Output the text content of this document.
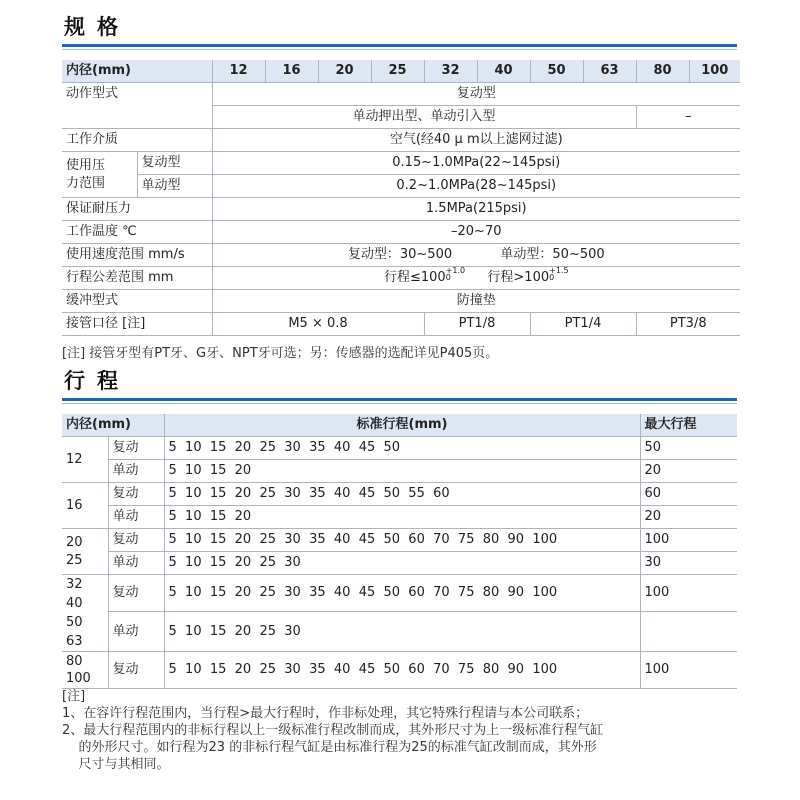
规格
内径(mm)		12	16	20	25	32	40	50	63	80	100
动作型式		复动型									
		单动押出型、单动引入型								–	
工作介质		空气(经40 μ m以上滤网过滤)									
使用压
力范围	复动型	0.15~1.0MPa(22~145psi)									
	单动型	0.2~1.0MPa(28~145psi)									
保证耐压力		1.5MPa(215psi)									
工作温度 ℃		–20~70									
使用速度范围 mm/s		复动型：30~500 单动型：50~500									
行程公差范围 mm		行程$\le 100^{+1.0 0}$ 行程$>100^{+1.5 0}$
缓冲型式		防撞垫									
接管口径 [注]		M5 × 0.8				PT1/8		PT1/4		PT3/8	
[注] 接管牙型有PT牙、G牙、NPT牙可选；另：传感器的选配详见P405页。
行程
内径(mm)		标准行程(mm)	最大行程
12	复动	5  10  15  20  25  30  35  40  45  50	50
	单动	5  10  15  20	20
16	复动	5  10  15  20  25  30  35  40  45  50  55  60	60
	单动	5  10  15  20	20
20
25	复动	5  10  15  20  25  30  35  40  45  50  60  70  75  80  90  100	100
	单动	5  10  15  20  25  30	30
32
40
50
63	复动	5  10  15  20  25  30  35  40  45  50  60  70  75  80  90  100	100
	单动	5  10  15  20  25  30	
80
100	复动	5  10  15  20  25  30  35  40  45  50  60  70  75  80  90  100	100
[注]
1、在容许行程范围内，当行程>最大行程时，作非标处理，其它特殊行程请与本公司联系；
2、最大行程范围内的非标行程以上一级标准行程改制而成，其外形尺寸为上一级标准行程气缸
的外形尺寸。如行程为23 的非标行程气缸是由标准行程为25的标准气缸改制而成，其外形
尺寸与其相同。
